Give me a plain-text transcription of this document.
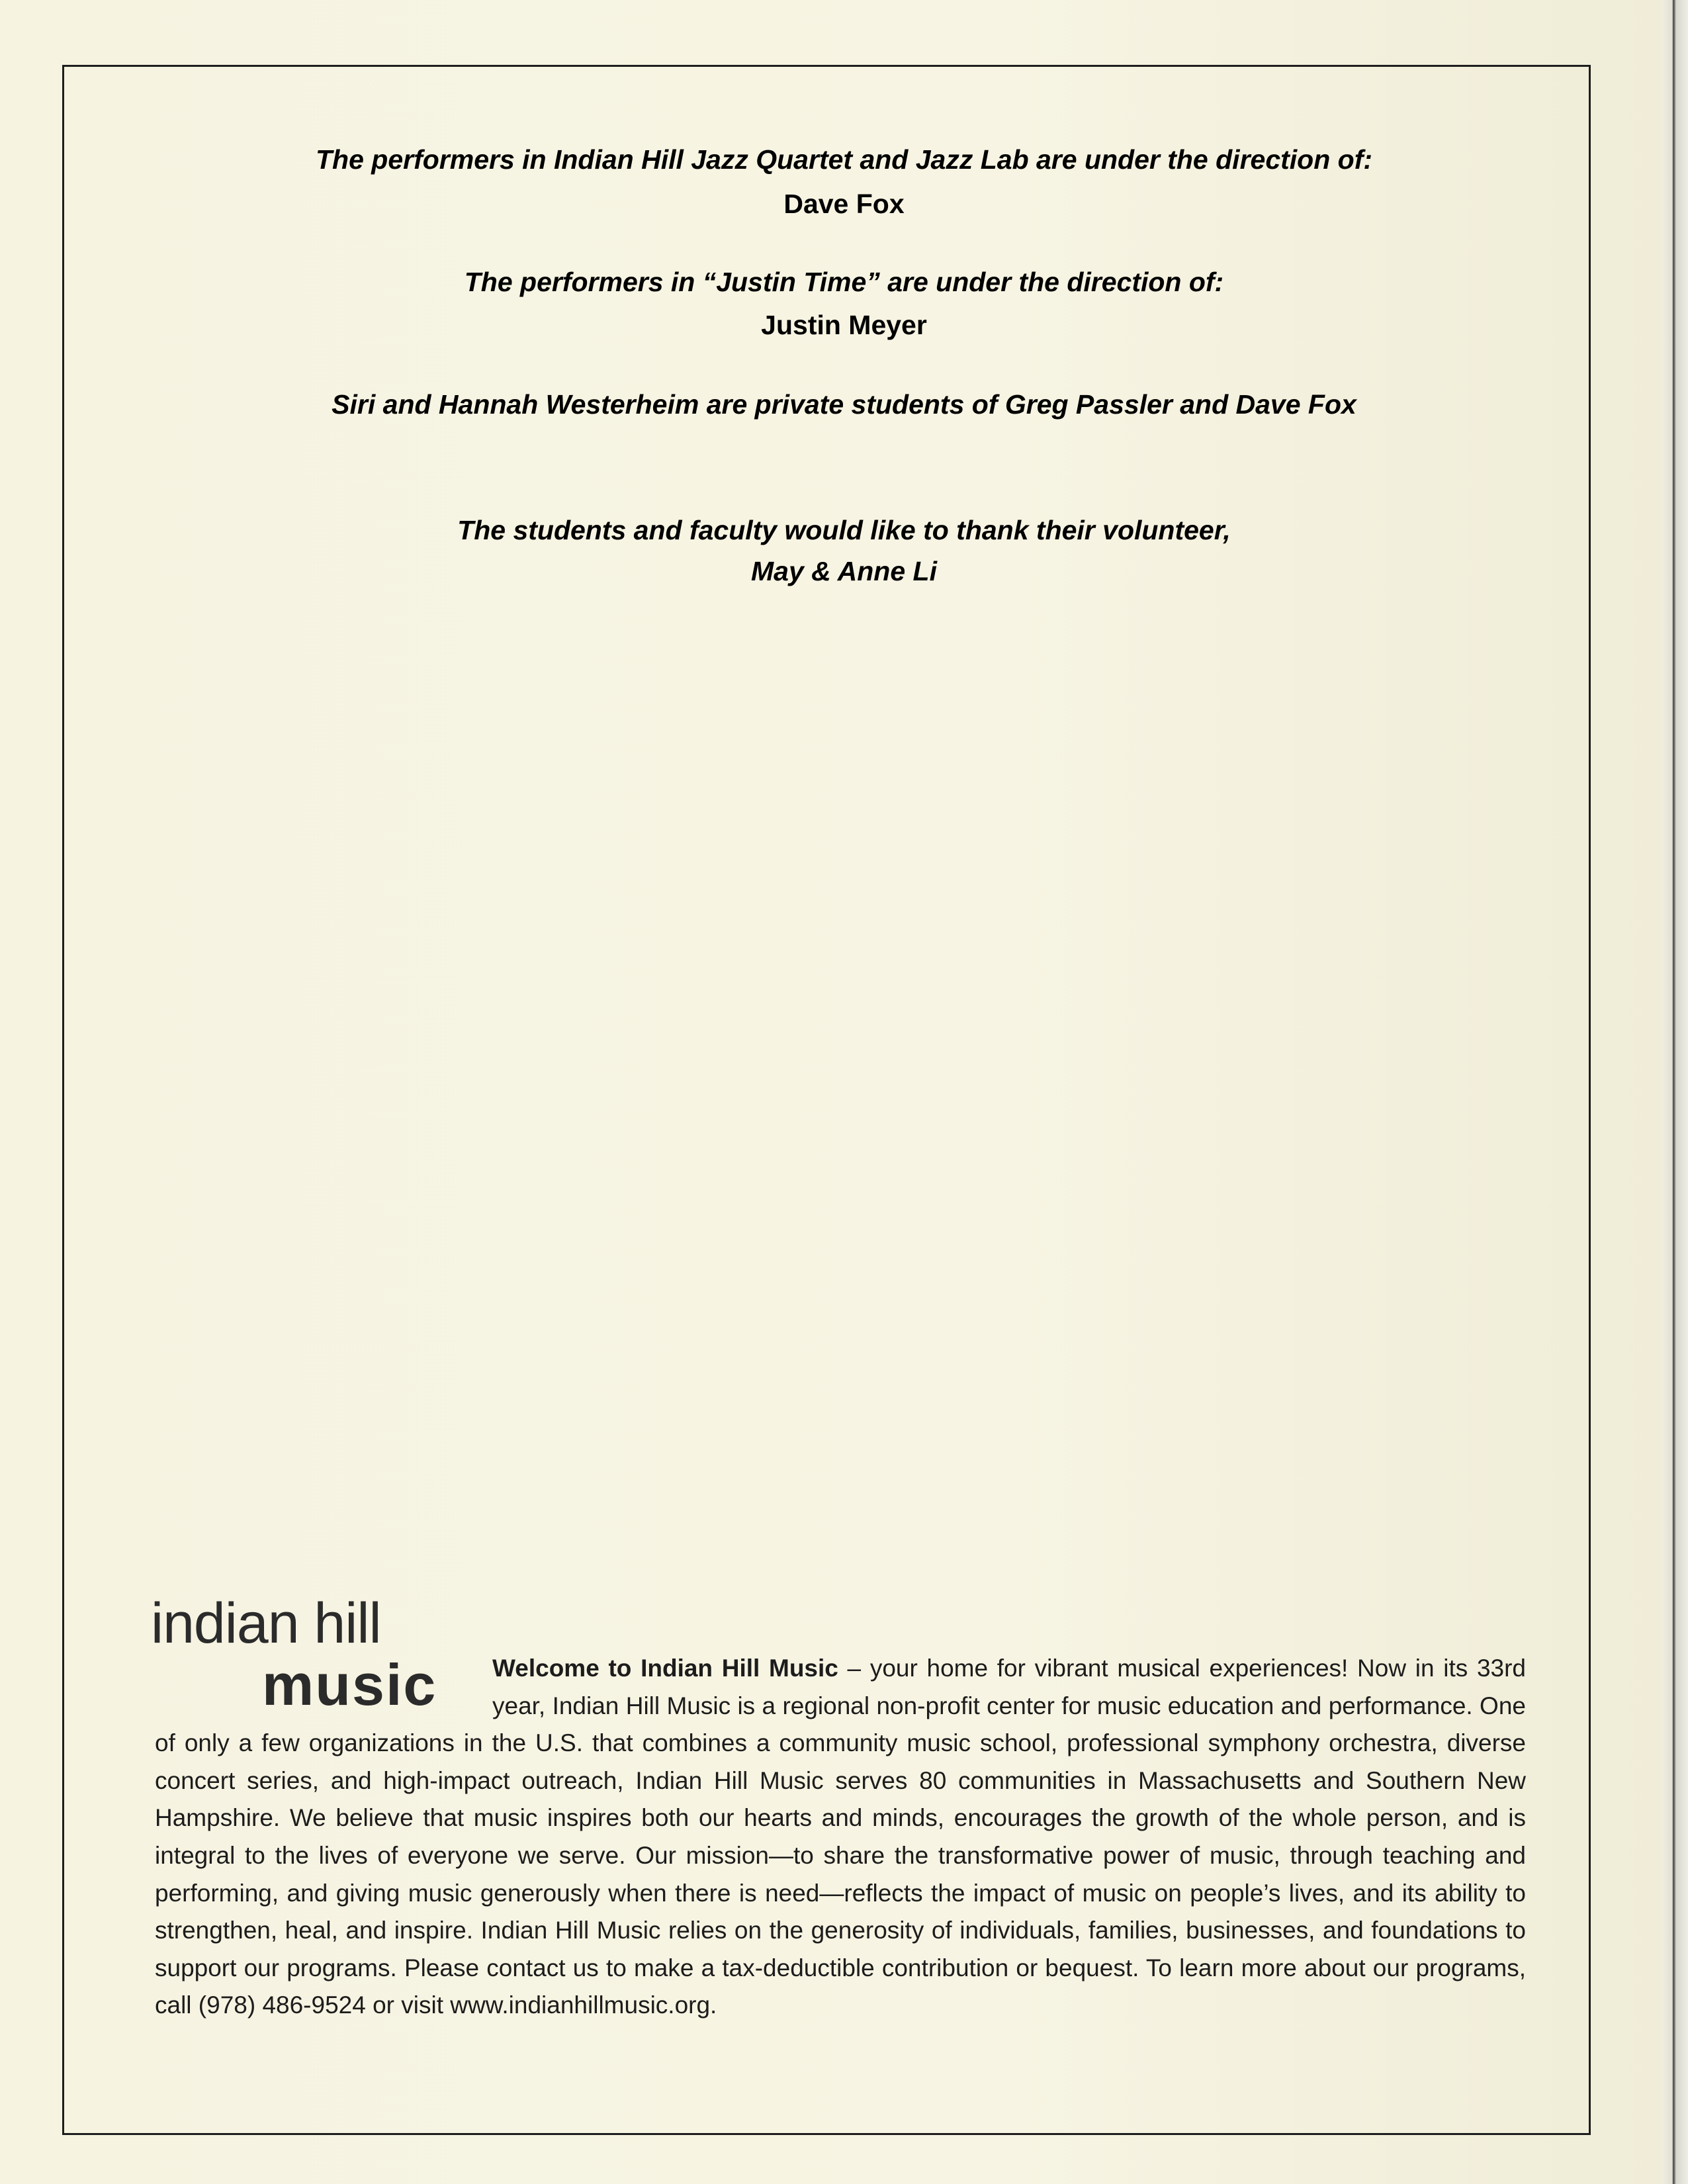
The performers in Indian Hill Jazz Quartet and Jazz Lab are under the direction of:
Dave Fox
The performers in “Justin Time” are under the direction of:
Justin Meyer
Siri and Hannah Westerheim are private students of Greg Passler and Dave Fox
The students and faculty would like to thank their volunteer,
May & Anne Li
indian hill
music	Welcome to Indian Hill Music – your home for vibrant musical experiences! Now in its 33rd year, Indian Hill Music is a regional non-profit center for music education and performance. One of only a few organizations in the U.S. that combines a community music school, professional symphony orchestra, diverse concert series, and high-impact outreach, Indian Hill Music serves 80 communities in Massachusetts and Southern New Hampshire. We believe that music inspires both our hearts and minds, encourages the growth of the whole person, and is integral to the lives of everyone we serve. Our mission—to share the transformative power of music, through teaching and performing, and giving music generously when there is need—reflects the impact of music on people’s lives, and its ability to strengthen, heal, and inspire. Indian Hill Music relies on the generosity of individuals, families, businesses, and foundations to support our programs. Please contact us to make a tax-deductible contribution or bequest. To learn more about our programs, call (978) 486-9524 or visit www.indianhillmusic.org.
